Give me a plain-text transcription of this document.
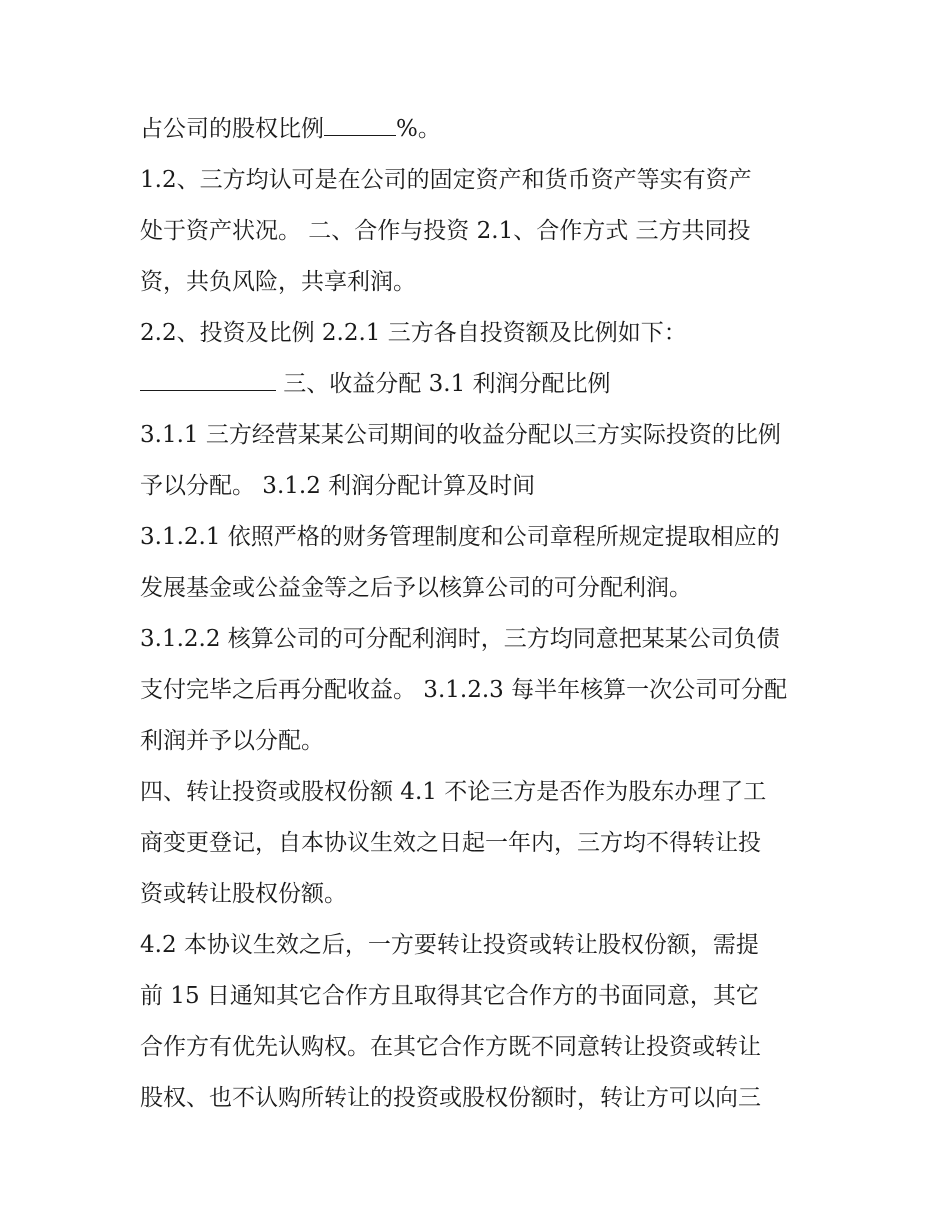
占公司的股权比例	%。
1.2、三方均认可是在公司的固定资产和货币资产等实有资产
处于资产状况。 二、合作与投资 2.1、合作方式 三方共同投
资，共负风险，共享利润。
2.2、投资及比例 2.2.1 三方各自投资额及比例如下：
三、收益分配 3.1 利润分配比例
3.1.1 三方经营某某公司期间的收益分配以三方实际投资的比例
予以分配。 3.1.2 利润分配计算及时间
3.1.2.1 依照严格的财务管理制度和公司章程所规定提取相应的
发展基金或公益金等之后予以核算公司的可分配利润。
3.1.2.2 核算公司的可分配利润时，三方均同意把某某公司负债
支付完毕之后再分配收益。 3.1.2.3 每半年核算一次公司可分配
利润并予以分配。
四、转让投资或股权份额 4.1 不论三方是否作为股东办理了工
商变更登记，自本协议生效之日起一年内，三方均不得转让投
资或转让股权份额。
4.2 本协议生效之后，一方要转让投资或转让股权份额，需提
前 15 日通知其它合作方且取得其它合作方的书面同意，其它
合作方有优先认购权。在其它合作方既不同意转让投资或转让
股权、也不认购所转让的投资或股权份额时，转让方可以向三
